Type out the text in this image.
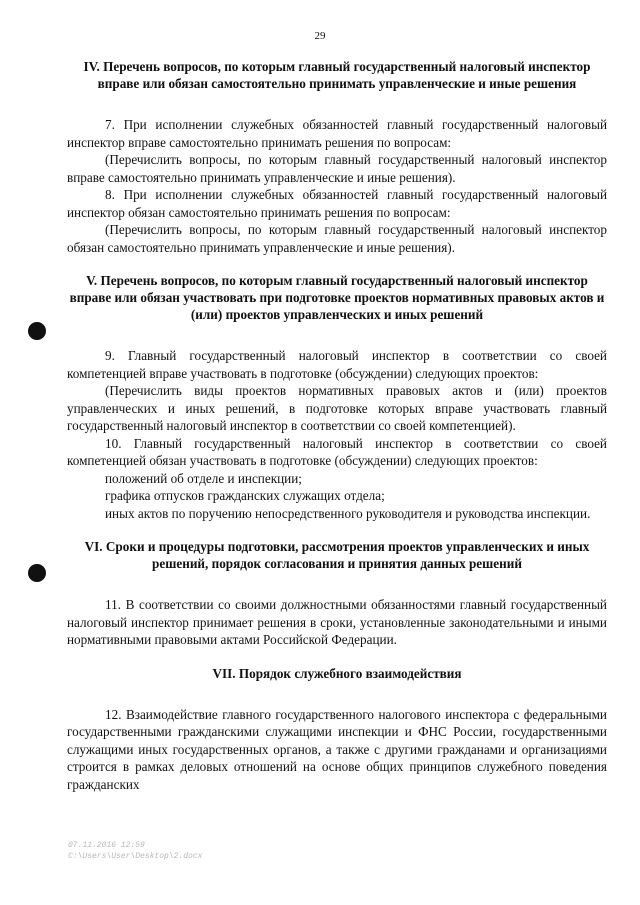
29

IV. Перечень вопросов, по которым главный государственный налоговый инспектор вправе или обязан самостоятельно принимать управленческие и иные решения

7. При исполнении служебных обязанностей главный государственный налоговый инспектор вправе самостоятельно принимать решения по вопросам:

(Перечислить вопросы, по которым главный государственный налоговый инспектор вправе самостоятельно принимать управленческие и иные решения).

8. При исполнении служебных обязанностей главный государственный налоговый инспектор обязан самостоятельно принимать решения по вопросам:

(Перечислить вопросы, по которым главный государственный налоговый инспектор обязан самостоятельно принимать управленческие и иные решения).

V. Перечень вопросов, по которым главный государственный налоговый инспектор вправе или обязан участвовать при подготовке проектов нормативных правовых актов и (или) проектов управленческих и иных решений

9. Главный государственный налоговый инспектор в соответствии со своей компетенцией вправе участвовать в подготовке (обсуждении) следующих проектов:

(Перечислить виды проектов нормативных правовых актов и (или) проектов управленческих и иных решений, в подготовке которых вправе участвовать главный государственный налоговый инспектор в соответствии со своей компетенцией).

10. Главный государственный налоговый инспектор в соответствии со своей компетенцией обязан участвовать в подготовке (обсуждении) следующих проектов:

положений об отделе и инспекции;

графика отпусков гражданских служащих отдела;

иных актов по поручению непосредственного руководителя и руководства инспекции.

VI. Сроки и процедуры подготовки, рассмотрения проектов управленческих и иных решений, порядок согласования и принятия данных решений

11. В соответствии со своими должностными обязанностями главный государственный налоговый инспектор принимает решения в сроки, установленные законодательными и иными нормативными правовыми актами Российской Федерации.

VII. Порядок служебного взаимодействия

12. Взаимодействие главного государственного налогового инспектора с федеральными государственными гражданскими служащими инспекции и ФНС России, государственными служащими иных государственных органов, а также с другими гражданами и организациями строится в рамках деловых отношений на основе общих принципов служебного поведения гражданских

07.11.2016 12:59
C:\Users\User\Desktop\2.docx
